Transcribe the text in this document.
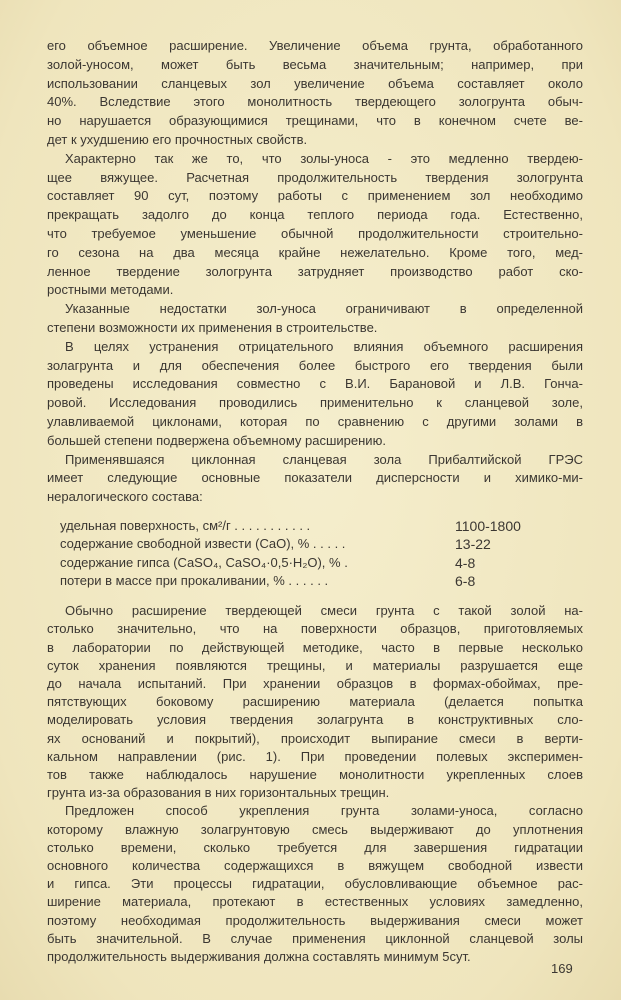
его объемное расширение. Увеличение объема грунта, обработанного
золой-уносом, может быть весьма значительным; например, при
использовании сланцевых зол увеличение объема составляет около
40%. Вследствие этого монолитность твердеющего зологрунта обыч-
но нарушается образующимися трещинами, что в конечном счете ве-
дет к ухудшению его прочностных свойств.
Характерно так же то, что золы-уноса - это медленно твердею-
щее вяжущее. Расчетная продолжительность твердения зологрунта
составляет 90 сут, поэтому работы с применением зол необходимо
прекращать задолго до конца теплого периода года. Естественно,
что требуемое уменьшение обычной продолжительности строительно-
го сезона на два месяца крайне нежелательно. Кроме того, мед-
ленное твердение зологрунта затрудняет производство работ ско-
ростными методами.
Указанные недостатки зол-уноса ограничивают в определенной
степени возможности их применения в строительстве.
В целях устранения отрицательного влияния объемного расширения
золагрунта и для обеспечения более быстрого его твердения были
проведены исследования совместно с В.И. Барановой и Л.В. Гонча-
ровой. Исследования проводились применительно к сланцевой золе,
улавливаемой циклонами, которая по сравнению с другими золами в
большей степени подвержена объемному расширению.
Применявшаяся циклонная сланцевая зола Прибалтийской ГРЭС
имеет следующие основные показатели дисперсности и химико-ми-
нералогического состава:
удельная поверхность, см²/г . . . . . . . . . . .	1100-1800
содержание свободной извести (CaO), % . . . . .	13-22
содержание гипса (CaSO₄, CaSO₄·0,5·H₂O), % .	4-8
потери в массе при прокаливании, % . . . . . .	6-8
Обычно расширение твердеющей смеси грунта с такой золой на-
столько значительно, что на поверхности образцов, приготовляемых
в лаборатории по действующей методике, часто в первые несколько
суток хранения появляются трещины, и материалы разрушается еще
до начала испытаний. При хранении образцов в формах-обоймах, пре-
пятствующих боковому расширению материала (делается попытка
моделировать условия твердения золагрунта в конструктивных сло-
ях оснований и покрытий), происходит выпирание смеси в верти-
кальном направлении (рис. 1). При проведении полевых эксперимен-
тов также наблюдалось нарушение монолитности укрепленных слоев
грунта из-за образования в них горизонтальных трещин.
Предложен способ укрепления грунта золами-уноса, согласно
которому влажную золагрунтовую смесь выдерживают до уплотнения
столько времени, сколько требуется для завершения гидратации
основного количества содержащихся в вяжущем свободной извести
и гипса. Эти процессы гидратации, обусловливающие объемное рас-
ширение материала, протекают в естественных условиях замедленно,
поэтому необходимая продолжительность выдерживания смеси может
быть значительной. В случае применения циклонной сланцевой золы
продолжительность выдерживания должна составлять минимум 5сут.
169
